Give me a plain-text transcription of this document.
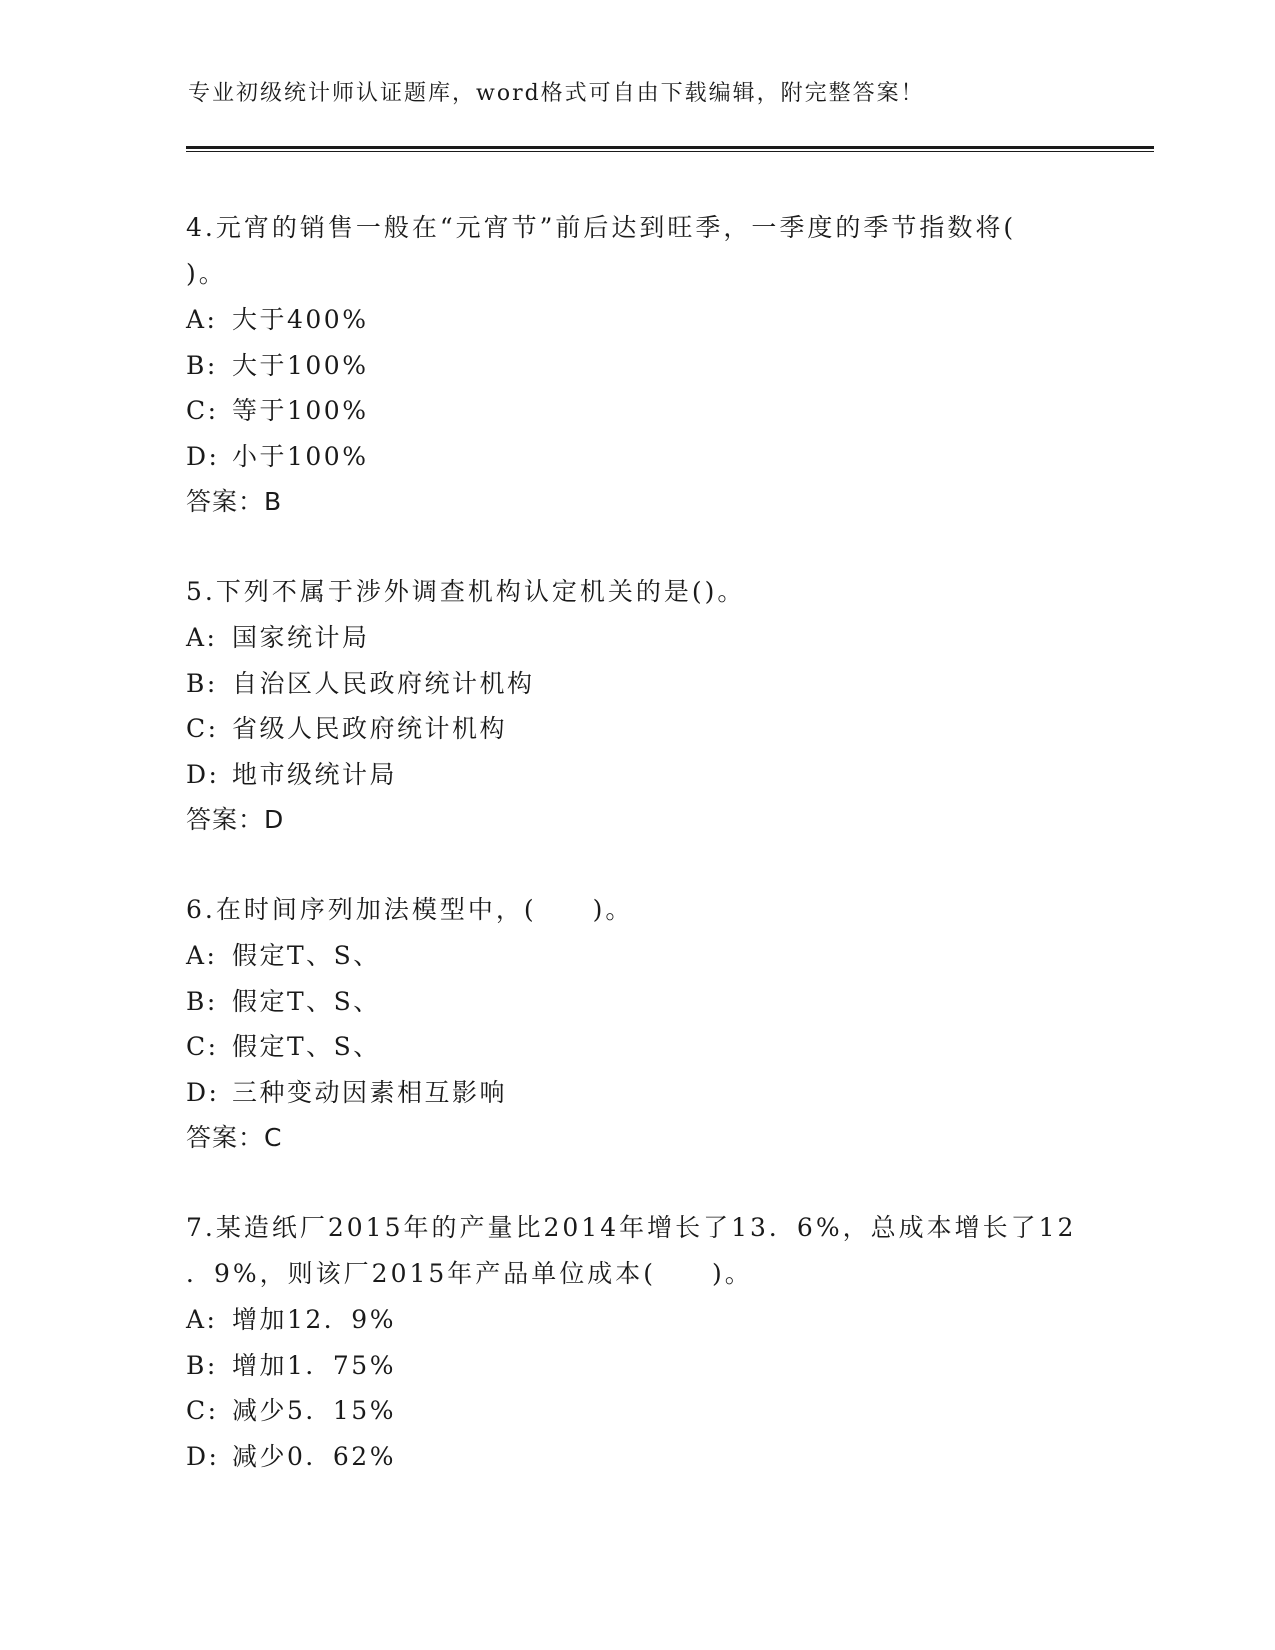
专业初级统计师认证题库，word格式可自由下载编辑，附完整答案！

4.元宵的销售一般在“元宵节”前后达到旺季，一季度的季节指数将(

)。

A: 大于400%

B: 大于100%

C: 等于100%

D: 小于100%

答案：B

5.下列不属于涉外调查机构认定机关的是()。

A: 国家统计局

B: 自治区人民政府统计机构

C: 省级人民政府统计机构

D: 地市级统计局

答案：D

6.在时间序列加法模型中，(　　)。

A: 假定T、S、

B: 假定T、S、

C: 假定T、S、

D: 三种变动因素相互影响

答案：C

7.某造纸厂2015年的产量比2014年增长了13．6%，总成本增长了12

．9%，则该厂2015年产品单位成本(　　)。

A: 增加12．9%

B: 增加1．75%

C: 减少5．15%

D: 减少0．62%
